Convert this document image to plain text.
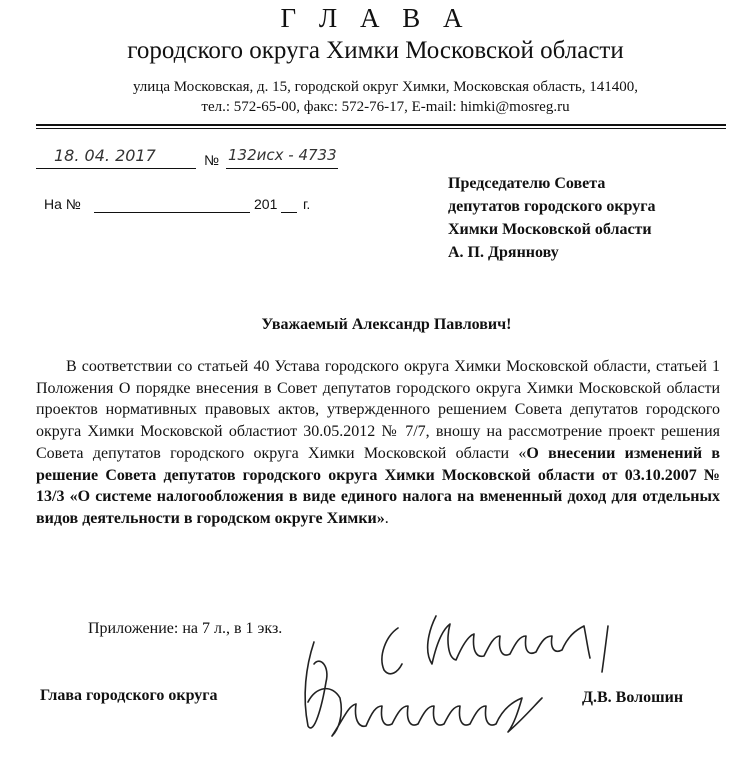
Г Л А В А
городского округа Химки Московской области
улица Московская, д. 15, городской округ Химки, Московская область, 141400,
тел.: 572-65-00, факс: 572-76-17, E-mail: himki@mosreg.ru
18. 04. 2017	№ 132исх - 4733
На №	201 г.
Председателю Совета
депутатов городского округа
Химки Московской области
А. П. Дряннову
Уважаемый Александр Павлович!

В соответствии со статьей 40 Устава городского округа Химки Московской области, статьей 1 Положения О порядке внесения в Совет депутатов городского округа Химки Московской области проектов нормативных правовых актов, утвержденного решением Совета депутатов городского округа Химки Московской областиот 30.05.2012 № 7/7, вношу на рассмотрение проект решения Совета депутатов городского округа Химки Московской области «О внесении изменений в решение Совета депутатов городского округа Химки Московской области от 03.10.2007 № 13/3 «О системе налогообложения в виде единого налога на вмененный доход для отдельных видов деятельности в городском округе Химки».

Приложение: на 7 л., в 1 экз.
Глава городского округа	Д.В. Волошин
